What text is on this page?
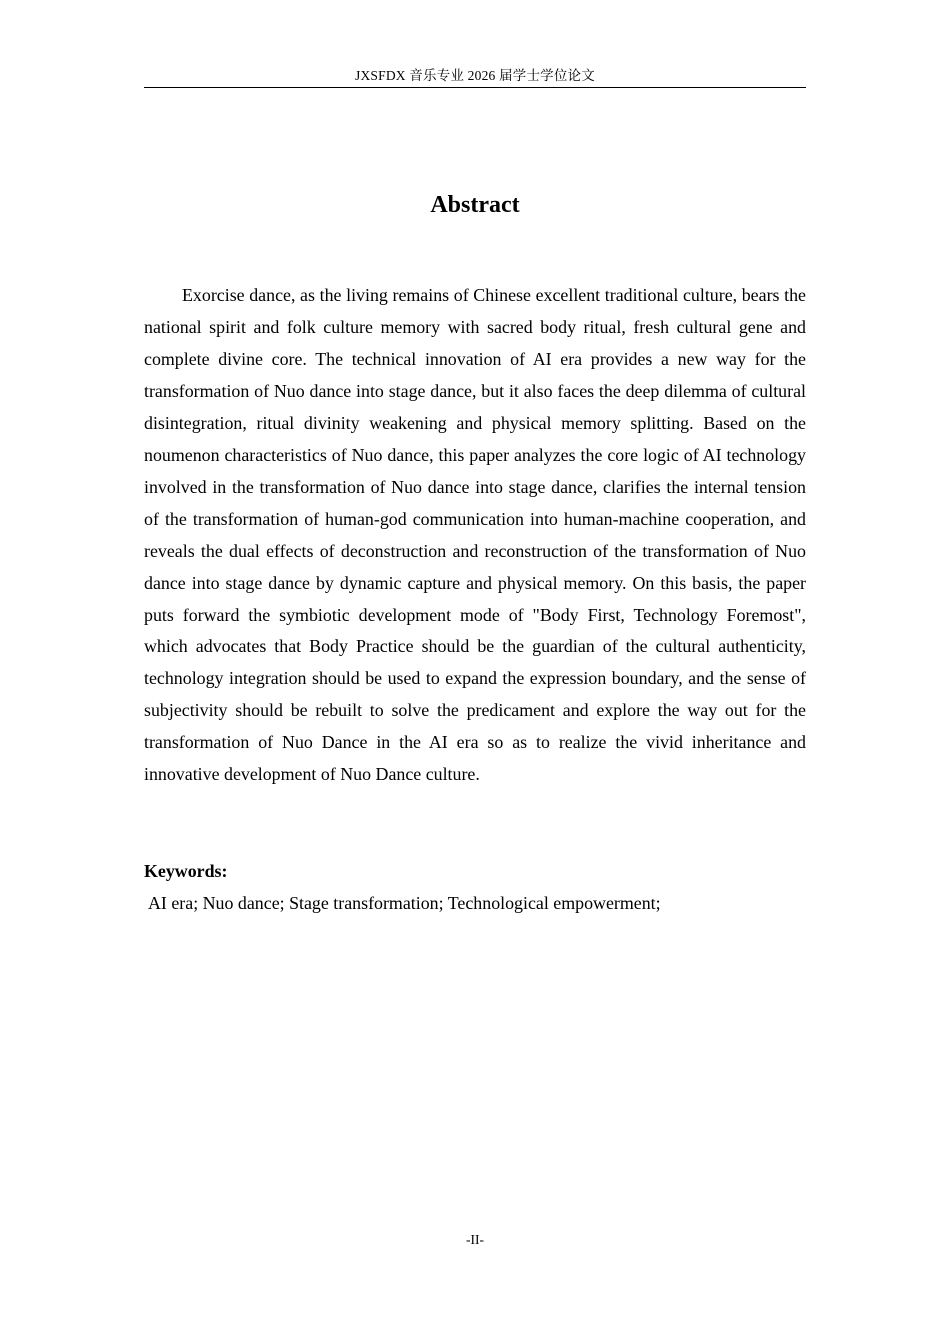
JXSFDX 音乐专业 2026 届学士学位论文
Abstract

Exorcise dance, as the living remains of Chinese excellent traditional culture, bears the national spirit and folk culture memory with sacred body ritual, fresh cultural gene and complete divine core. The technical innovation of AI era provides a new way for the transformation of Nuo dance into stage dance, but it also faces the deep dilemma of cultural disintegration, ritual divinity weakening and physical memory splitting. Based on the noumenon characteristics of Nuo dance, this paper analyzes the core logic of AI technology involved in the transformation of Nuo dance into stage dance, clarifies the internal tension of the transformation of human-god communication into human-machine cooperation, and reveals the dual effects of deconstruction and reconstruction of the transformation of Nuo dance into stage dance by dynamic capture and physical memory. On this basis, the paper puts forward the symbiotic development mode of "Body First, Technology Foremost", which advocates that Body Practice should be the guardian of the cultural authenticity, technology integration should be used to expand the expression boundary, and the sense of subjectivity should be rebuilt to solve the predicament and explore the way out for the transformation of Nuo Dance in the AI era so as to realize the vivid inheritance and innovative development of Nuo Dance culture.

Keywords:
AI era; Nuo dance; Stage transformation; Technological empowerment;
-II-
